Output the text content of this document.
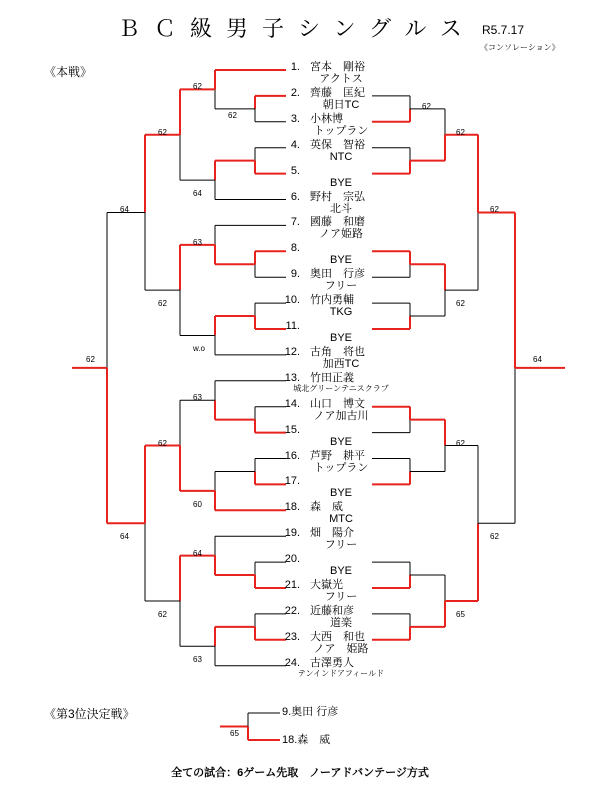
ＢＣ級男子シングルス R5.7.17
《コンソレーション》
《本戦》
《第3位決定戦》
全ての試合：6ゲーム先取　ノーアドバンテージ方式
1. 宮本　剛裕
アクトス
2. 齊藤　匡紀
朝日TC
3. 小林博
トップラン
4. 英保　智裕
NTC
5.
BYE
6. 野村　宗弘
北斗
7. 國藤　和磨
ノア姫路
8.
BYE
9. 奥田　行彦
フリー
10. 竹内勇輔
TKG
11.
BYE
12. 古角　将也
加西TC
13. 竹田正義
城北グリーンテニスクラブ
14. 山口　博文
ノア加古川
15.
BYE
16. 芦野　耕平
トップラン
17.
BYE
18. 森　威
MTC
19. 畑　陽介
フリー
20.
BYE
21. 大嶽光
フリー
22. 近藤和彦
道楽
23. 大西　和也
ノア　姫路
24. 古澤勇人
テンインドアフィールド
9.奥田 行彦
18.森　威
65
62
62
64
63
w.o
63
60
64
63
62
62
62
62
64
64
62
62
62
62
62
65
62
62
64
